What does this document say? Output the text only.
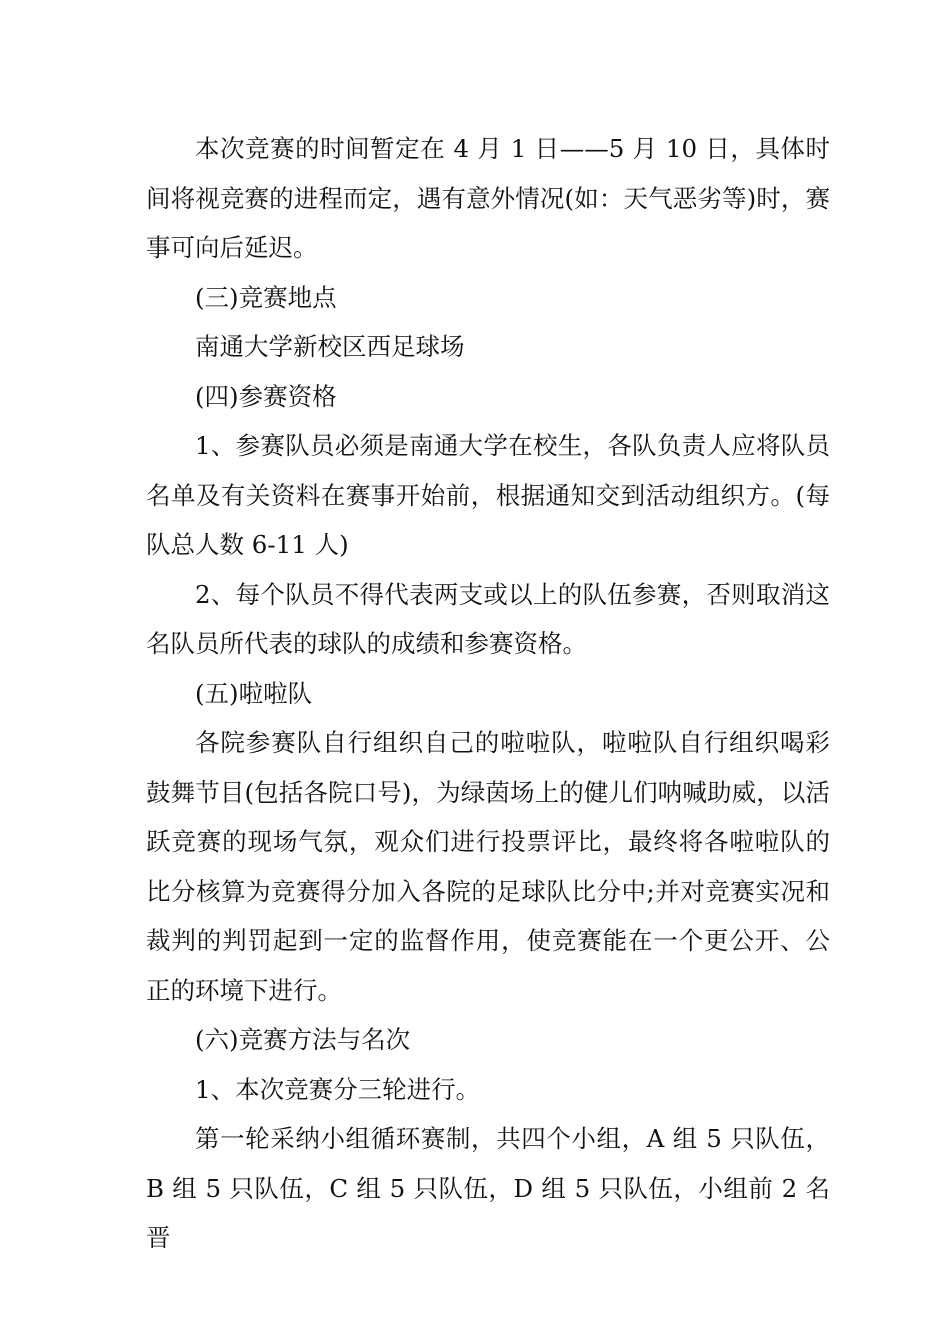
本次竞赛的时间暂定在 4 月 1 日——5 月 10 日，具体时间将视竞赛的进程而定，遇有意外情况(如：天气恶劣等)时，赛事可向后延迟。

(三)竞赛地点

南通大学新校区西足球场

(四)参赛资格

1、参赛队员必须是南通大学在校生，各队负责人应将队员名单及有关资料在赛事开始前，根据通知交到活动组织方。(每队总人数 6-11 人)

2、每个队员不得代表两支或以上的队伍参赛，否则取消这名队员所代表的球队的成绩和参赛资格。

(五)啦啦队

各院参赛队自行组织自己的啦啦队，啦啦队自行组织喝彩鼓舞节目(包括各院口号)，为绿茵场上的健儿们呐喊助威，以活跃竞赛的现场气氛，观众们进行投票评比，最终将各啦啦队的比分核算为竞赛得分加入各院的足球队比分中;并对竞赛实况和裁判的判罚起到一定的监督作用，使竞赛能在一个更公开、公正的环境下进行。

(六)竞赛方法与名次

1、本次竞赛分三轮进行。

第一轮采纳小组循环赛制，共四个小组，A 组 5 只队伍，B 组 5 只队伍，C 组 5 只队伍，D 组 5 只队伍，小组前 2 名晋
